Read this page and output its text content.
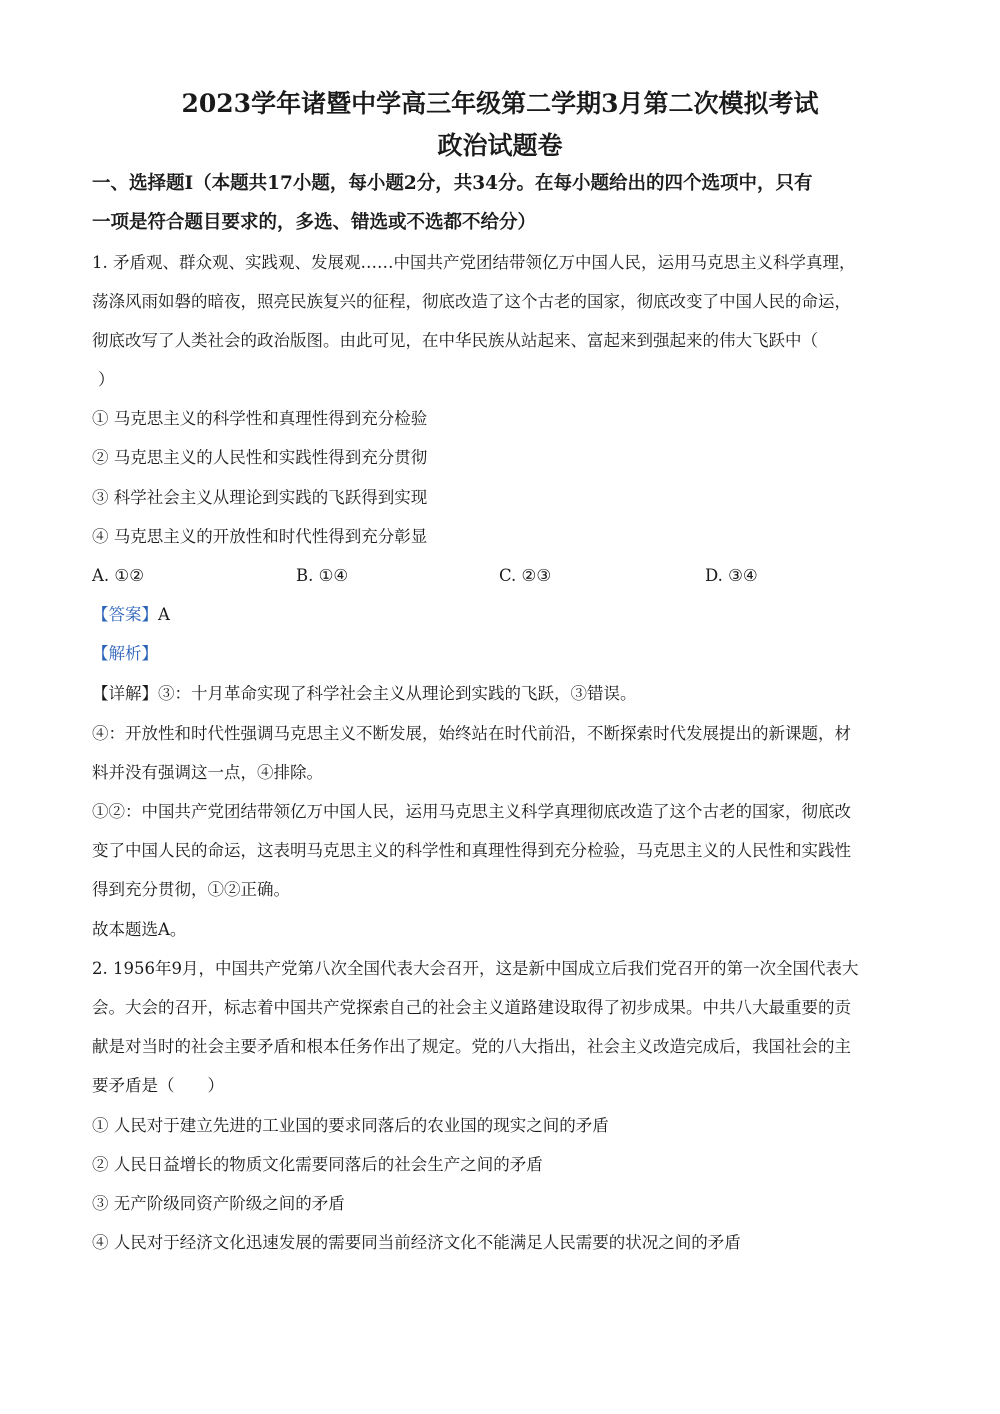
2023学年诸暨中学高三年级第二学期3月第二次模拟考试
政治试题卷
一、选择题Ⅰ（本题共17小题，每小题2分，共34分。在每小题给出的四个选项中，只有
一项是符合题目要求的，多选、错选或不选都不给分）
1. 矛盾观、群众观、实践观、发展观……中国共产党团结带领亿万中国人民，运用马克思主义科学真理，
荡涤风雨如磐的暗夜，照亮民族复兴的征程，彻底改造了这个古老的国家，彻底改变了中国人民的命运，
彻底改写了人类社会的政治版图。由此可见，在中华民族从站起来、富起来到强起来的伟大飞跃中（
）
① 马克思主义的科学性和真理性得到充分检验
② 马克思主义的人民性和实践性得到充分贯彻
③ 科学社会主义从理论到实践的飞跃得到实现
④ 马克思主义的开放性和时代性得到充分彰显
A. ①②	B. ①④	C. ②③	D. ③④
【答案】A
【解析】
【详解】③：十月革命实现了科学社会主义从理论到实践的飞跃，③错误。
④：开放性和时代性强调马克思主义不断发展，始终站在时代前沿，不断探索时代发展提出的新课题，材
料并没有强调这一点，④排除。
①②：中国共产党团结带领亿万中国人民，运用马克思主义科学真理彻底改造了这个古老的国家，彻底改
变了中国人民的命运，这表明马克思主义的科学性和真理性得到充分检验，马克思主义的人民性和实践性
得到充分贯彻，①②正确。
故本题选A。
2. 1956年9月，中国共产党第八次全国代表大会召开，这是新中国成立后我们党召开的第一次全国代表大
会。大会的召开，标志着中国共产党探索自己的社会主义道路建设取得了初步成果。中共八大最重要的贡
献是对当时的社会主要矛盾和根本任务作出了规定。党的八大指出，社会主义改造完成后，我国社会的主
要矛盾是（　　）
① 人民对于建立先进的工业国的要求同落后的农业国的现实之间的矛盾
② 人民日益增长的物质文化需要同落后的社会生产之间的矛盾
③ 无产阶级同资产阶级之间的矛盾
④ 人民对于经济文化迅速发展的需要同当前经济文化不能满足人民需要的状况之间的矛盾
